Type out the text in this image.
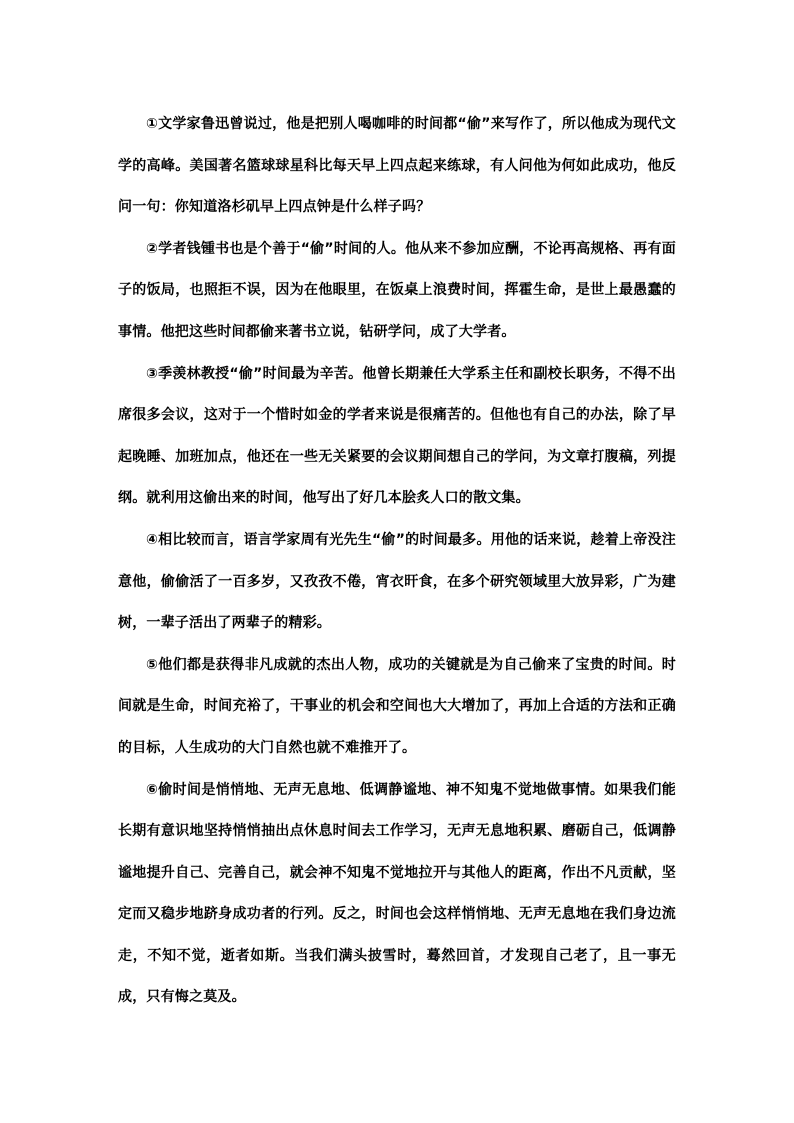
①文学家鲁迅曾说过，他是把别人喝咖啡的时间都“偷”来写作了，所以他成为现代文学的高峰。美国著名篮球球星科比每天早上四点起来练球，有人问他为何如此成功，他反问一句：你知道洛杉矶早上四点钟是什么样子吗？

②学者钱锺书也是个善于“偷”时间的人。他从来不参加应酬，不论再高规格、再有面子的饭局，也照拒不误，因为在他眼里，在饭桌上浪费时间，挥霍生命，是世上最愚蠢的事情。他把这些时间都偷来著书立说，钻研学问，成了大学者。

③季羡林教授“偷”时间最为辛苦。他曾长期兼任大学系主任和副校长职务，不得不出席很多会议，这对于一个惜时如金的学者来说是很痛苦的。但他也有自己的办法，除了早起晚睡、加班加点，他还在一些无关紧要的会议期间想自己的学问，为文章打腹稿，列提纲。就利用这偷出来的时间，他写出了好几本脍炙人口的散文集。

④相比较而言，语言学家周有光先生“偷”的时间最多。用他的话来说，趁着上帝没注意他，偷偷活了一百多岁，又孜孜不倦，宵衣旰食，在多个研究领域里大放异彩，广为建树，一辈子活出了两辈子的精彩。

⑤他们都是获得非凡成就的杰出人物，成功的关键就是为自己偷来了宝贵的时间。时间就是生命，时间充裕了，干事业的机会和空间也大大增加了，再加上合适的方法和正确的目标，人生成功的大门自然也就不难推开了。

⑥偷时间是悄悄地、无声无息地、低调静谧地、神不知鬼不觉地做事情。如果我们能长期有意识地坚持悄悄抽出点休息时间去工作学习，无声无息地积累、磨砺自己，低调静谧地提升自己、完善自己，就会神不知鬼不觉地拉开与其他人的距离，作出不凡贡献，坚定而又稳步地跻身成功者的行列。反之，时间也会这样悄悄地、无声无息地在我们身边流走，不知不觉，逝者如斯。当我们满头披雪时，蓦然回首，才发现自己老了，且一事无成，只有悔之莫及。
